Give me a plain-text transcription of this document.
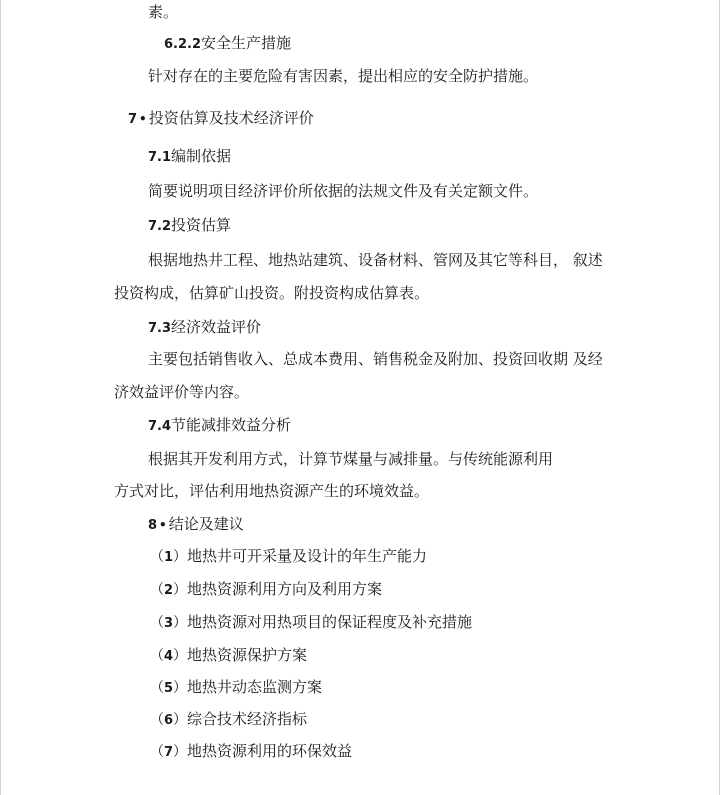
素。
6.2.2安全生产措施
针对存在的主要危险有害因素，提出相应的安全防护措施。
7 • 投资估算及技术经济评价
7.1编制依据
简要说明项目经济评价所依据的法规文件及有关定额文件。
7.2投资估算
根据地热井工程、地热站建筑、设备材料、管网及其它等科目， 叙述
投资构成，估算矿山投资。附投资构成估算表。
7.3经济效益评价
主要包括销售收入、总成本费用、销售税金及附加、投资回收期 及经
济效益评价等内容。
7.4节能减排效益分析
根据其开发利用方式，计算节煤量与减排量。与传统能源利用
方式对比，评估利用地热资源产生的环境效益。
8 • 结论及建议
（1）地热井可开采量及设计的年生产能力
（2）地热资源利用方向及利用方案
（3）地热资源对用热项目的保证程度及补充措施
（4）地热资源保护方案
（5）地热井动态监测方案
（6）综合技术经济指标
（7）地热资源利用的环保效益
